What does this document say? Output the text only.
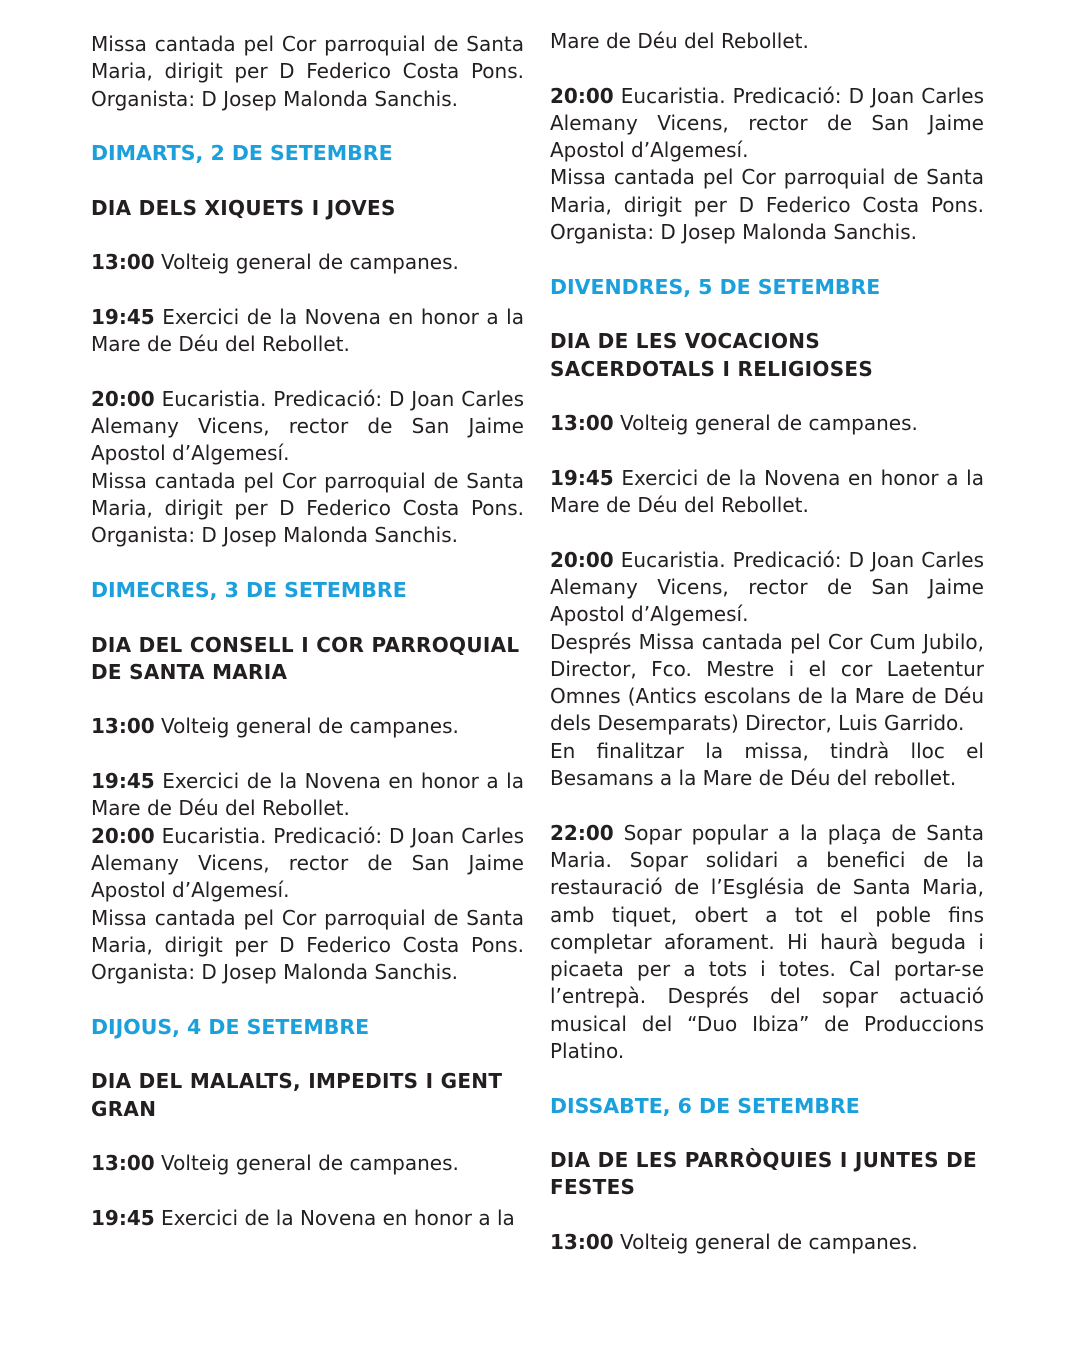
Missa cantada pel Cor parroquial de Santa Maria, dirigit per D Federico Costa Pons. Organista: D Josep Malonda Sanchis.

DIMARTS, 2 DE SETEMBRE
DIA DELS XIQUETS I JOVES

13:00 Volteig general de campanes.

19:45 Exercici de la Novena en honor a la Mare de Déu del Rebollet.

20:00 Eucaristia. Predicació: D Joan Carles Alemany Vicens, rector de San Jaime Apostol d’Algemesí.

Missa cantada pel Cor parroquial de Santa Maria, dirigit per D Federico Costa Pons. Organista: D Josep Malonda Sanchis.

DIMECRES, 3 DE SETEMBRE
DIA DEL CONSELL I COR PARROQUIAL DE SANTA MARIA

13:00 Volteig general de campanes.

19:45 Exercici de la Novena en honor a la Mare de Déu del Rebollet.

20:00 Eucaristia. Predicació: D Joan Carles Alemany Vicens, rector de San Jaime Apostol d’Algemesí.

Missa cantada pel Cor parroquial de Santa Maria, dirigit per D Federico Costa Pons. Organista: D Josep Malonda Sanchis.

DIJOUS, 4 DE SETEMBRE
DIA DEL MALALTS, IMPEDITS I GENT GRAN

13:00 Volteig general de campanes.

19:45 Exercici de la Novena en honor a la

Mare de Déu del Rebollet.

20:00 Eucaristia. Predicació: D Joan Carles Alemany Vicens, rector de San Jaime Apostol d’Algemesí.

Missa cantada pel Cor parroquial de Santa Maria, dirigit per D Federico Costa Pons. Organista: D Josep Malonda Sanchis.

DIVENDRES, 5 DE SETEMBRE
DIA DE LES VOCACIONS SACERDOTALS I RELIGIOSES

13:00 Volteig general de campanes.

19:45 Exercici de la Novena en honor a la Mare de Déu del Rebollet.

20:00 Eucaristia. Predicació: D Joan Carles Alemany Vicens, rector de San Jaime Apostol d’Algemesí.

Després Missa cantada pel Cor Cum Jubilo, Director, Fco. Mestre i el cor Laetentur Omnes (Antics escolans de la Mare de Déu dels Desemparats) Director, Luis Garrido.

En finalitzar la missa, tindrà lloc el Besamans a la Mare de Déu del rebollet.

22:00 Sopar popular a la plaça de Santa Maria. Sopar solidari a benefici de la restauració de l’Església de Santa Maria, amb tiquet, obert a tot el poble fins completar aforament. Hi haurà beguda i picaeta per a tots i totes. Cal portar-se l’entrepà. Després del sopar actuació musical del “Duo Ibiza” de Produccions Platino.

DISSABTE, 6 DE SETEMBRE
DIA DE LES PARRÒQUIES I JUNTES DE FESTES

13:00 Volteig general de campanes.
